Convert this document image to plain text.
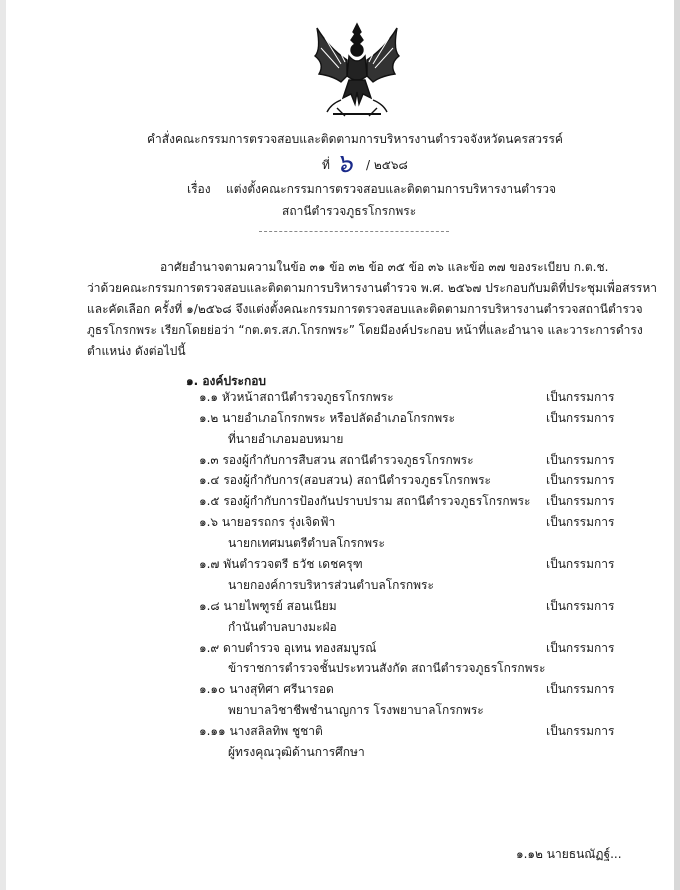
คำสั่งคณะกรรมการตรวจสอบและติดตามการบริหารงานตำรวจจังหวัดนครสวรรค์
ที่ ๖ / ๒๕๖๘
เรื่อง แต่งตั้งคณะกรรมการตรวจสอบและติดตามการบริหารงานตำรวจ
สถานีตำรวจภูธรโกรกพระ

อาศัยอำนาจตามความในข้อ ๓๑ ข้อ ๓๒ ข้อ ๓๕ ข้อ ๓๖ และข้อ ๓๗ ของระเบียบ ก.ต.ช.

ว่าด้วยคณะกรรมการตรวจสอบและติดตามการบริหารงานตำรวจ พ.ศ. ๒๕๖๗ ประกอบกับมติที่ประชุมเพื่อสรรหา

และคัดเลือก ครั้งที่ ๑/๒๕๖๘ จึงแต่งตั้งคณะกรรมการตรวจสอบและติดตามการบริหารงานตำรวจสถานีตำรวจ

ภูธรโกรกพระ เรียกโดยย่อว่า “กต.ตร.สภ.โกรกพระ” โดยมีองค์ประกอบ หน้าที่และอำนาจ และวาระการดำรง

ตำแหน่ง ดังต่อไปนี้

๑. องค์ประกอบ
๑.๑ หัวหน้าสถานีตำรวจภูธรโกรกพระ	เป็นกรรมการ
๑.๒ นายอำเภอโกรกพระ หรือปลัดอำเภอโกรกพระ	เป็นกรรมการ
ที่นายอำเภอมอบหมาย
๑.๓ รองผู้กำกับการสืบสวน สถานีตำรวจภูธรโกรกพระ	เป็นกรรมการ
๑.๔ รองผู้กำกับการ(สอบสวน) สถานีตำรวจภูธรโกรกพระ	เป็นกรรมการ
๑.๕ รองผู้กำกับการป้องกันปราบปราม สถานีตำรวจภูธรโกรกพระ เป็นกรรมการ
๑.๖ นายอรรถกร รุ่งเจิดฟ้า	เป็นกรรมการ
นายกเทศมนตรีตำบลโกรกพระ
๑.๗ พันตำรวจตรี ธวัช เดชครุฑ	เป็นกรรมการ
นายกองค์การบริหารส่วนตำบลโกรกพระ
๑.๘ นายไพฑูรย์ สอนเนียม	เป็นกรรมการ
กำนันตำบลบางมะฝ่อ
๑.๙ ดาบตำรวจ อุเทน ทองสมบูรณ์	เป็นกรรมการ
ข้าราชการตำรวจชั้นประทวนสังกัด สถานีตำรวจภูธรโกรกพระ
๑.๑๐ นางสุทิศา ศรีนารอด	เป็นกรรมการ
พยาบาลวิชาชีพชำนาญการ โรงพยาบาลโกรกพระ
๑.๑๑ นางสลิลทิพ ชูชาติ	เป็นกรรมการ
ผู้ทรงคุณวุฒิด้านการศึกษา
๑.๑๒ นายธนณัฏฐ์...
